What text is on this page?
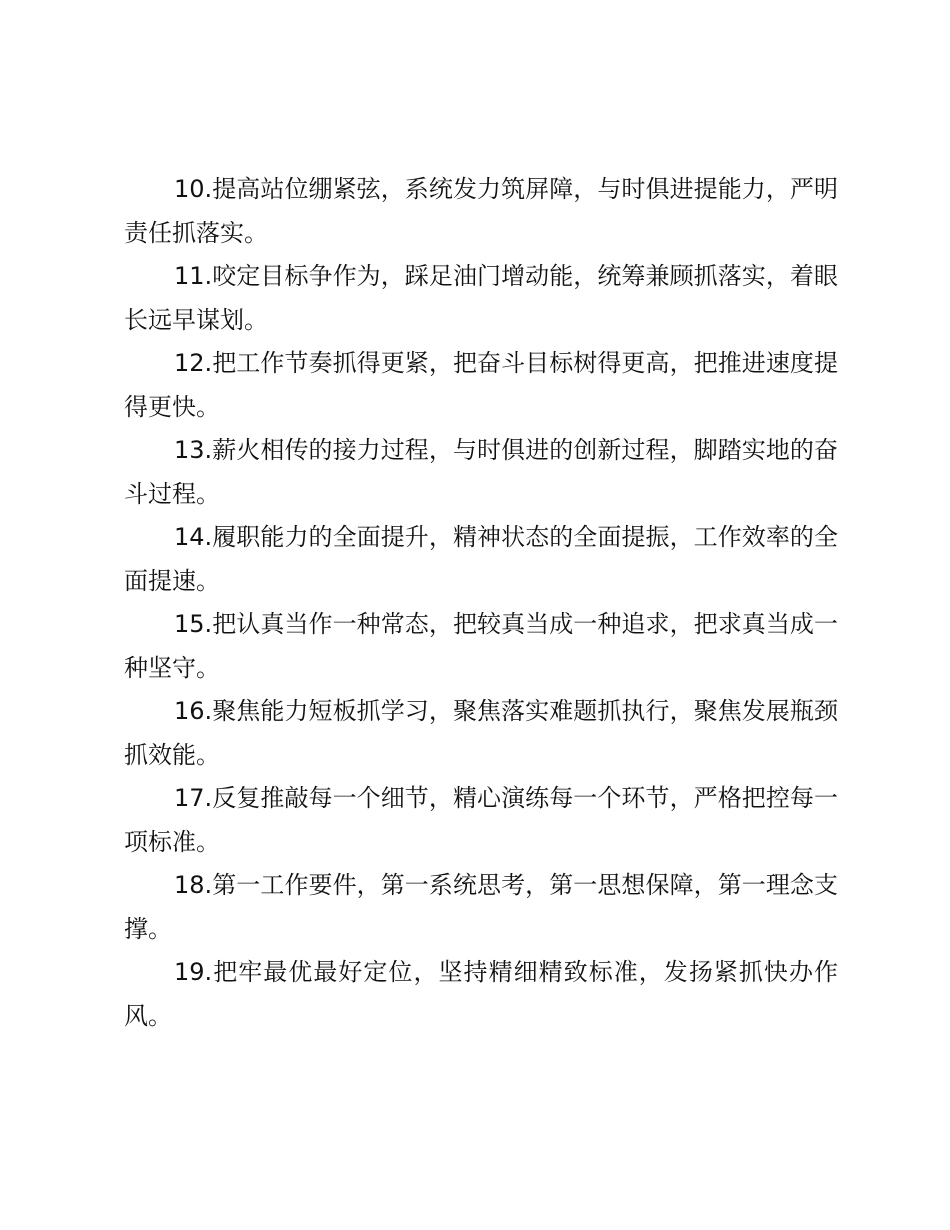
10.提高站位绷紧弦，系统发力筑屏障，与时俱进提能力，严明责任抓落实。

11.咬定目标争作为，踩足油门增动能，统筹兼顾抓落实，着眼长远早谋划。

12.把工作节奏抓得更紧，把奋斗目标树得更高，把推进速度提得更快。

13.薪火相传的接力过程，与时俱进的创新过程，脚踏实地的奋斗过程。

14.履职能力的全面提升，精神状态的全面提振，工作效率的全面提速。

15.把认真当作一种常态，把较真当成一种追求，把求真当成一种坚守。

16.聚焦能力短板抓学习，聚焦落实难题抓执行，聚焦发展瓶颈抓效能。

17.反复推敲每一个细节，精心演练每一个环节，严格把控每一项标准。

18.第一工作要件，第一系统思考，第一思想保障，第一理念支撑。

19.把牢最优最好定位，坚持精细精致标准，发扬紧抓快办作风。
